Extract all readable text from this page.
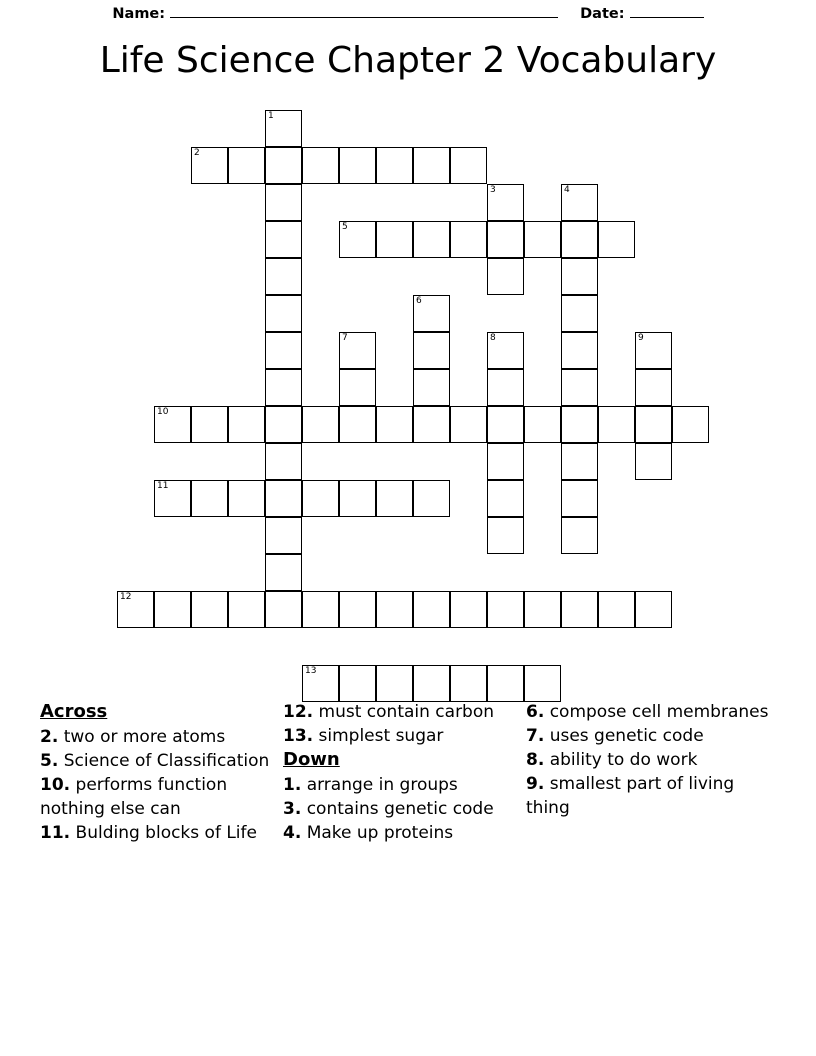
Name:	Date:
Life Science Chapter 2 Vocabulary
1
2
3	4
5
6
7	8	9
10
11
12
13
Across

2. two or more atoms

5. Science of Classification

10. performs function nothing else can

11. Bulding blocks of Life

12. must contain carbon

13. simplest sugar

Down

1. arrange in groups

3. contains genetic code

4. Make up proteins

6. compose cell membranes

7. uses genetic code

8. ability to do work

9. smallest part of living thing
